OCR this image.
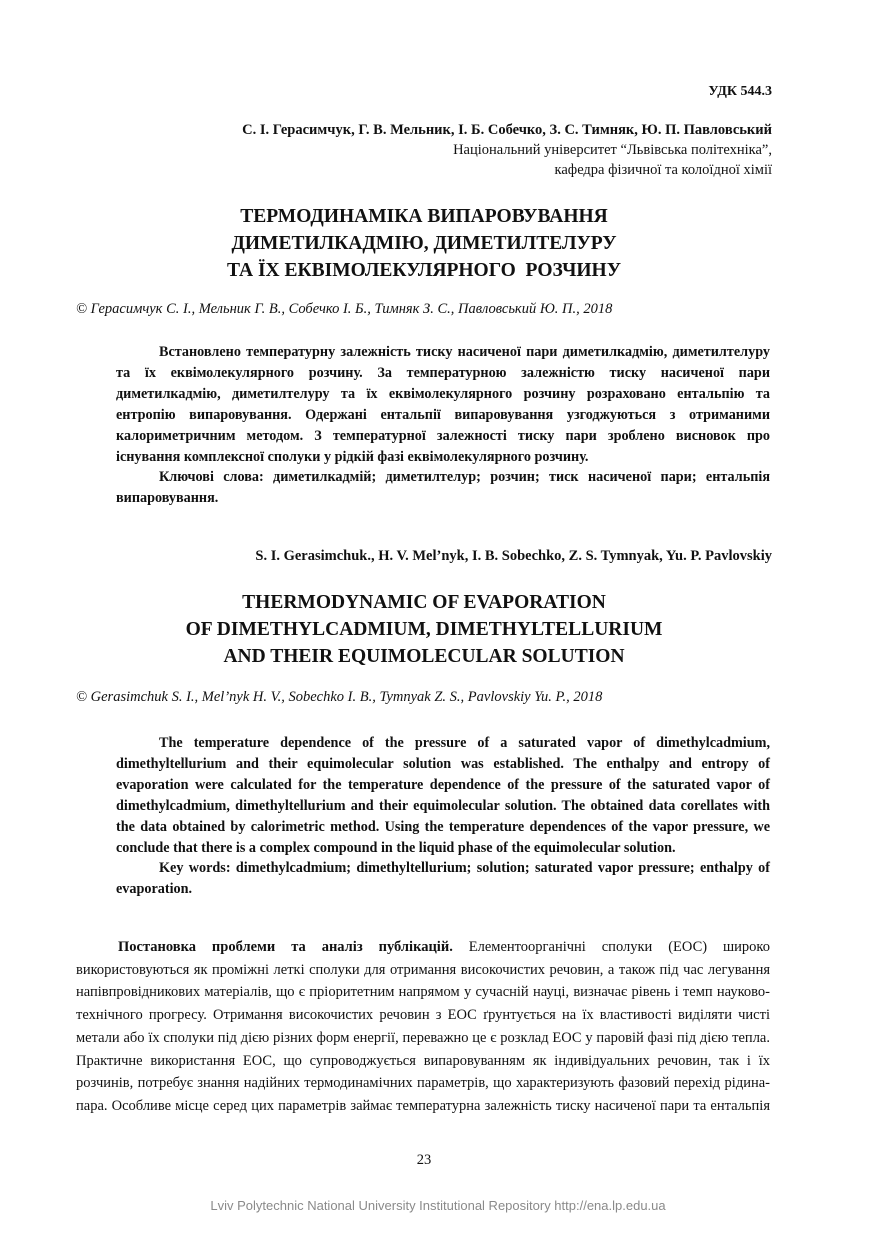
УДК 544.3
С. І. Герасимчук, Г. В. Мельник, І. Б. Собечко, З. С. Тимняк, Ю. П. Павловський
Національний університет “Львівська політехніка”,
кафедра фізичної та колоїдної хімії
ТЕРМОДИНАМІКА ВИПАРОВУВАННЯ
ДИМЕТИЛКАДМІЮ, ДИМЕТИЛТЕЛУРУ
ТА ЇХ ЕКВІМОЛЕКУЛЯРНОГО  РОЗЧИНУ
© Герасимчук С. І., Мельник Г. В., Собечко І. Б., Тимняк З. С., Павловський Ю. П., 2018

Встановлено температурну залежність тиску насиченої пари диметилкадмію, диметилтелуру та їх еквімолекулярного розчину. За температурною залежністю тиску насиченої пари диметилкадмію, диметилтелуру та їх еквімолекулярного розчину розраховано ентальпію та ентропію випаровування. Одержані ентальпії випаровування узгоджуються з отриманими калориметричним методом. З температурної залежності тиску пари зроблено висновок про існування комплексної сполуки у рідкій фазі еквімолекулярного розчину.

Ключові слова: диметилкадмій; диметилтелур; розчин; тиск насиченої пари; ентальпія випаровування.

S. I. Gerasimchuk., H. V. Mel’nyk, I. B. Sobechko, Z. S. Tymnyak, Yu. P. Pavlovskiy
THERMODYNAMIC OF EVAPORATION
OF DIMETHYLCADMIUM, DIMETHYLTELLURIUM
AND THEIR EQUIMOLECULAR SOLUTION
© Gerasimchuk S. I., Mel’nyk H. V., Sobechko I. B., Tymnyak Z. S., Pavlovskiy Yu. P., 2018

The temperature dependence of the pressure of a saturated vapor of dimethylcadmium, dimethyltellurium and their equimolecular solution was established. The enthalpy and entropy of evaporation were calculated for the temperature dependence of the pressure of the saturated vapor of dimethylcadmium, dimethyltellurium and their equimolecular solution. The obtained data corellates with the data obtained by calorimetric method. Using the temperature dependences of the vapor pressure, we conclude that there is a complex compound in the liquid phase of the equimolecular solution.

Key words: dimethylcadmium; dimethyltellurium; solution; saturated vapor pressure; enthalpy of evaporation.

Постановка проблеми та аналіз публікацій. Елементоорганічні сполуки (ЕОС) широко використовуються як проміжні леткі сполуки для отримання високочистих речовин, а також під час легування напівпровідникових матеріалів, що є пріоритетним напрямом у сучасній науці, визначає рівень і темп науково-технічного прогресу. Отримання високочистих речовин з ЕОС ґрунтується на їх властивості виділяти чисті метали або їх сполуки під дією різних форм енергії, переважно це є розклад ЕОС у паровій фазі під дією тепла. Практичне використання ЕОС, що супроводжується випаровуванням як індивідуальних речовин, так і їх розчинів, потребує знання надійних термодинамічних параметрів, що характеризують фазовий перехід рідина-пара. Особливе місце серед цих параметрів займає температурна залежність тиску насиченої пари та ентальпія

23
Lviv Polytechnic National University Institutional Repository http://ena.lp.edu.ua
